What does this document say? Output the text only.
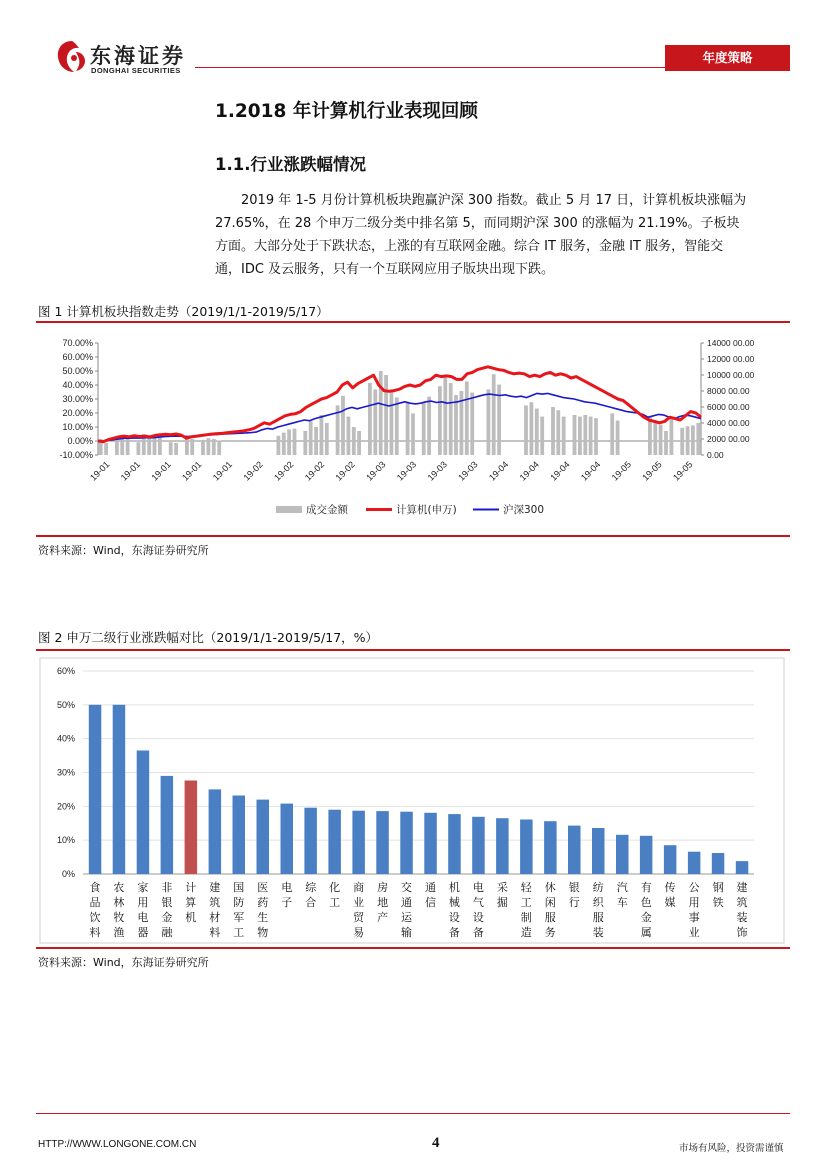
东海证券
DONGHAI SECURITIES
年度策略
1.2018 年计算机行业表现回顾
1.1.行业涨跌幅情况

2019 年 1-5 月份计算机板块跑赢沪深 300 指数。截止 5 月 17 日，计算机板块涨幅为

27.65%，在 28 个申万二级分类中排名第 5，而同期沪深 300 的涨幅为 21.19%。子板块

方面。大部分处于下跌状态，上涨的有互联网金融。综合 IT 服务，金融 IT 服务，智能交

通，IDC 及云服务，只有一个互联网应用子版块出现下跌。

图 1 计算机板块指数走势（2019/1/1-2019/5/17）
70.00%
60.00%
50.00%
40.00%
30.00%
20.00%
10.00%
0.00%
-10.00%
14000 00.00
12000 00.00
10000 00.00
8000 00.00
6000 00.00
4000 00.00
2000 00.00
0.00
19-01 19-01 19-01 19-01 19-01 19-02 19-02 19-02 19-02 19-03 19-03 19-03 19-03 19-04 19-04 19-04 19-04 19-05 19-05 19-05
成交金额	计算机(申万)	沪深300
资料来源：Wind，东海证券研究所
图 2 申万二级行业涨跌幅对比（2019/1/1-2019/5/17，%）
60%
50%
40%
30%
20%
10%
0%
食
品
饮
料
农
林
牧
渔
家
用
电
器
非
银
金
融
计
算
机
建
筑
材
料
国
防
军
工
医
药
生
物
电
子
综
合
化
工
商
业
贸
易
房
地
产
交
通
运
输
通
信
机
械
设
备
电
气
设
备
采
掘
轻
工
制
造
休
闲
服
务
银
行
纺
织
服
装
汽
车
有
色
金
属
传
媒
公
用
事
业
钢
铁
建
筑
装
饰
资料来源：Wind，东海证券研究所
HTTP://WWW.LONGONE.COM.CN	4	市场有风险，投资需谨慎
